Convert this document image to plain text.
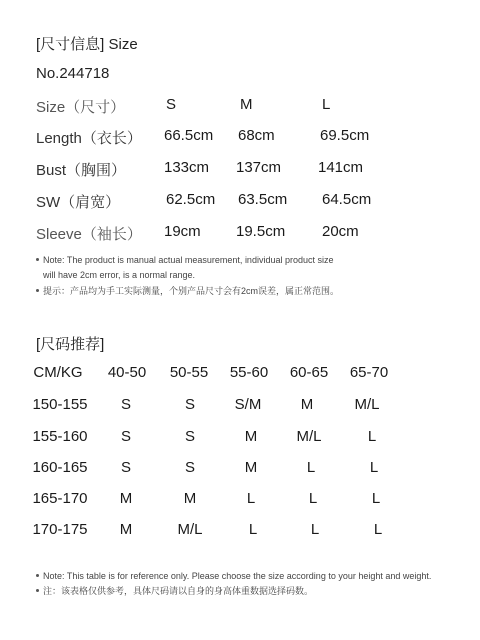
[尺寸信息] Size
No.244718
Size（尺寸）	S	M	L
Length（衣长） 66.5cm 68cm	69.5cm
Bust（胸围）	133cm 137cm 141cm
SW（肩宽）	62.5cm 63.5cm 64.5cm
Sleeve（袖长） 19cm 19.5cm 20cm
Note: The product is manual actual measurement, individual product size
will have 2cm error, is a normal range.
提示：产品均为手工实际测量，个别产品尺寸会有2cm误差，属正常范围。
[尺码推荐]
CM/KG 40-50 50-55 55-60 60-65 65-70
150-155 S	S	S/M	M	M/L
155-160 S	S	M	M/L	L
160-165 S	S	M	L	L
165-170 M	M	L	L	L
170-175 M	M/L	L	L	L
Note: This table is for reference only. Please choose the size according to your height and weight.
注：该表格仅供参考，具体尺码请以自身的身高体重数据选择码数。
